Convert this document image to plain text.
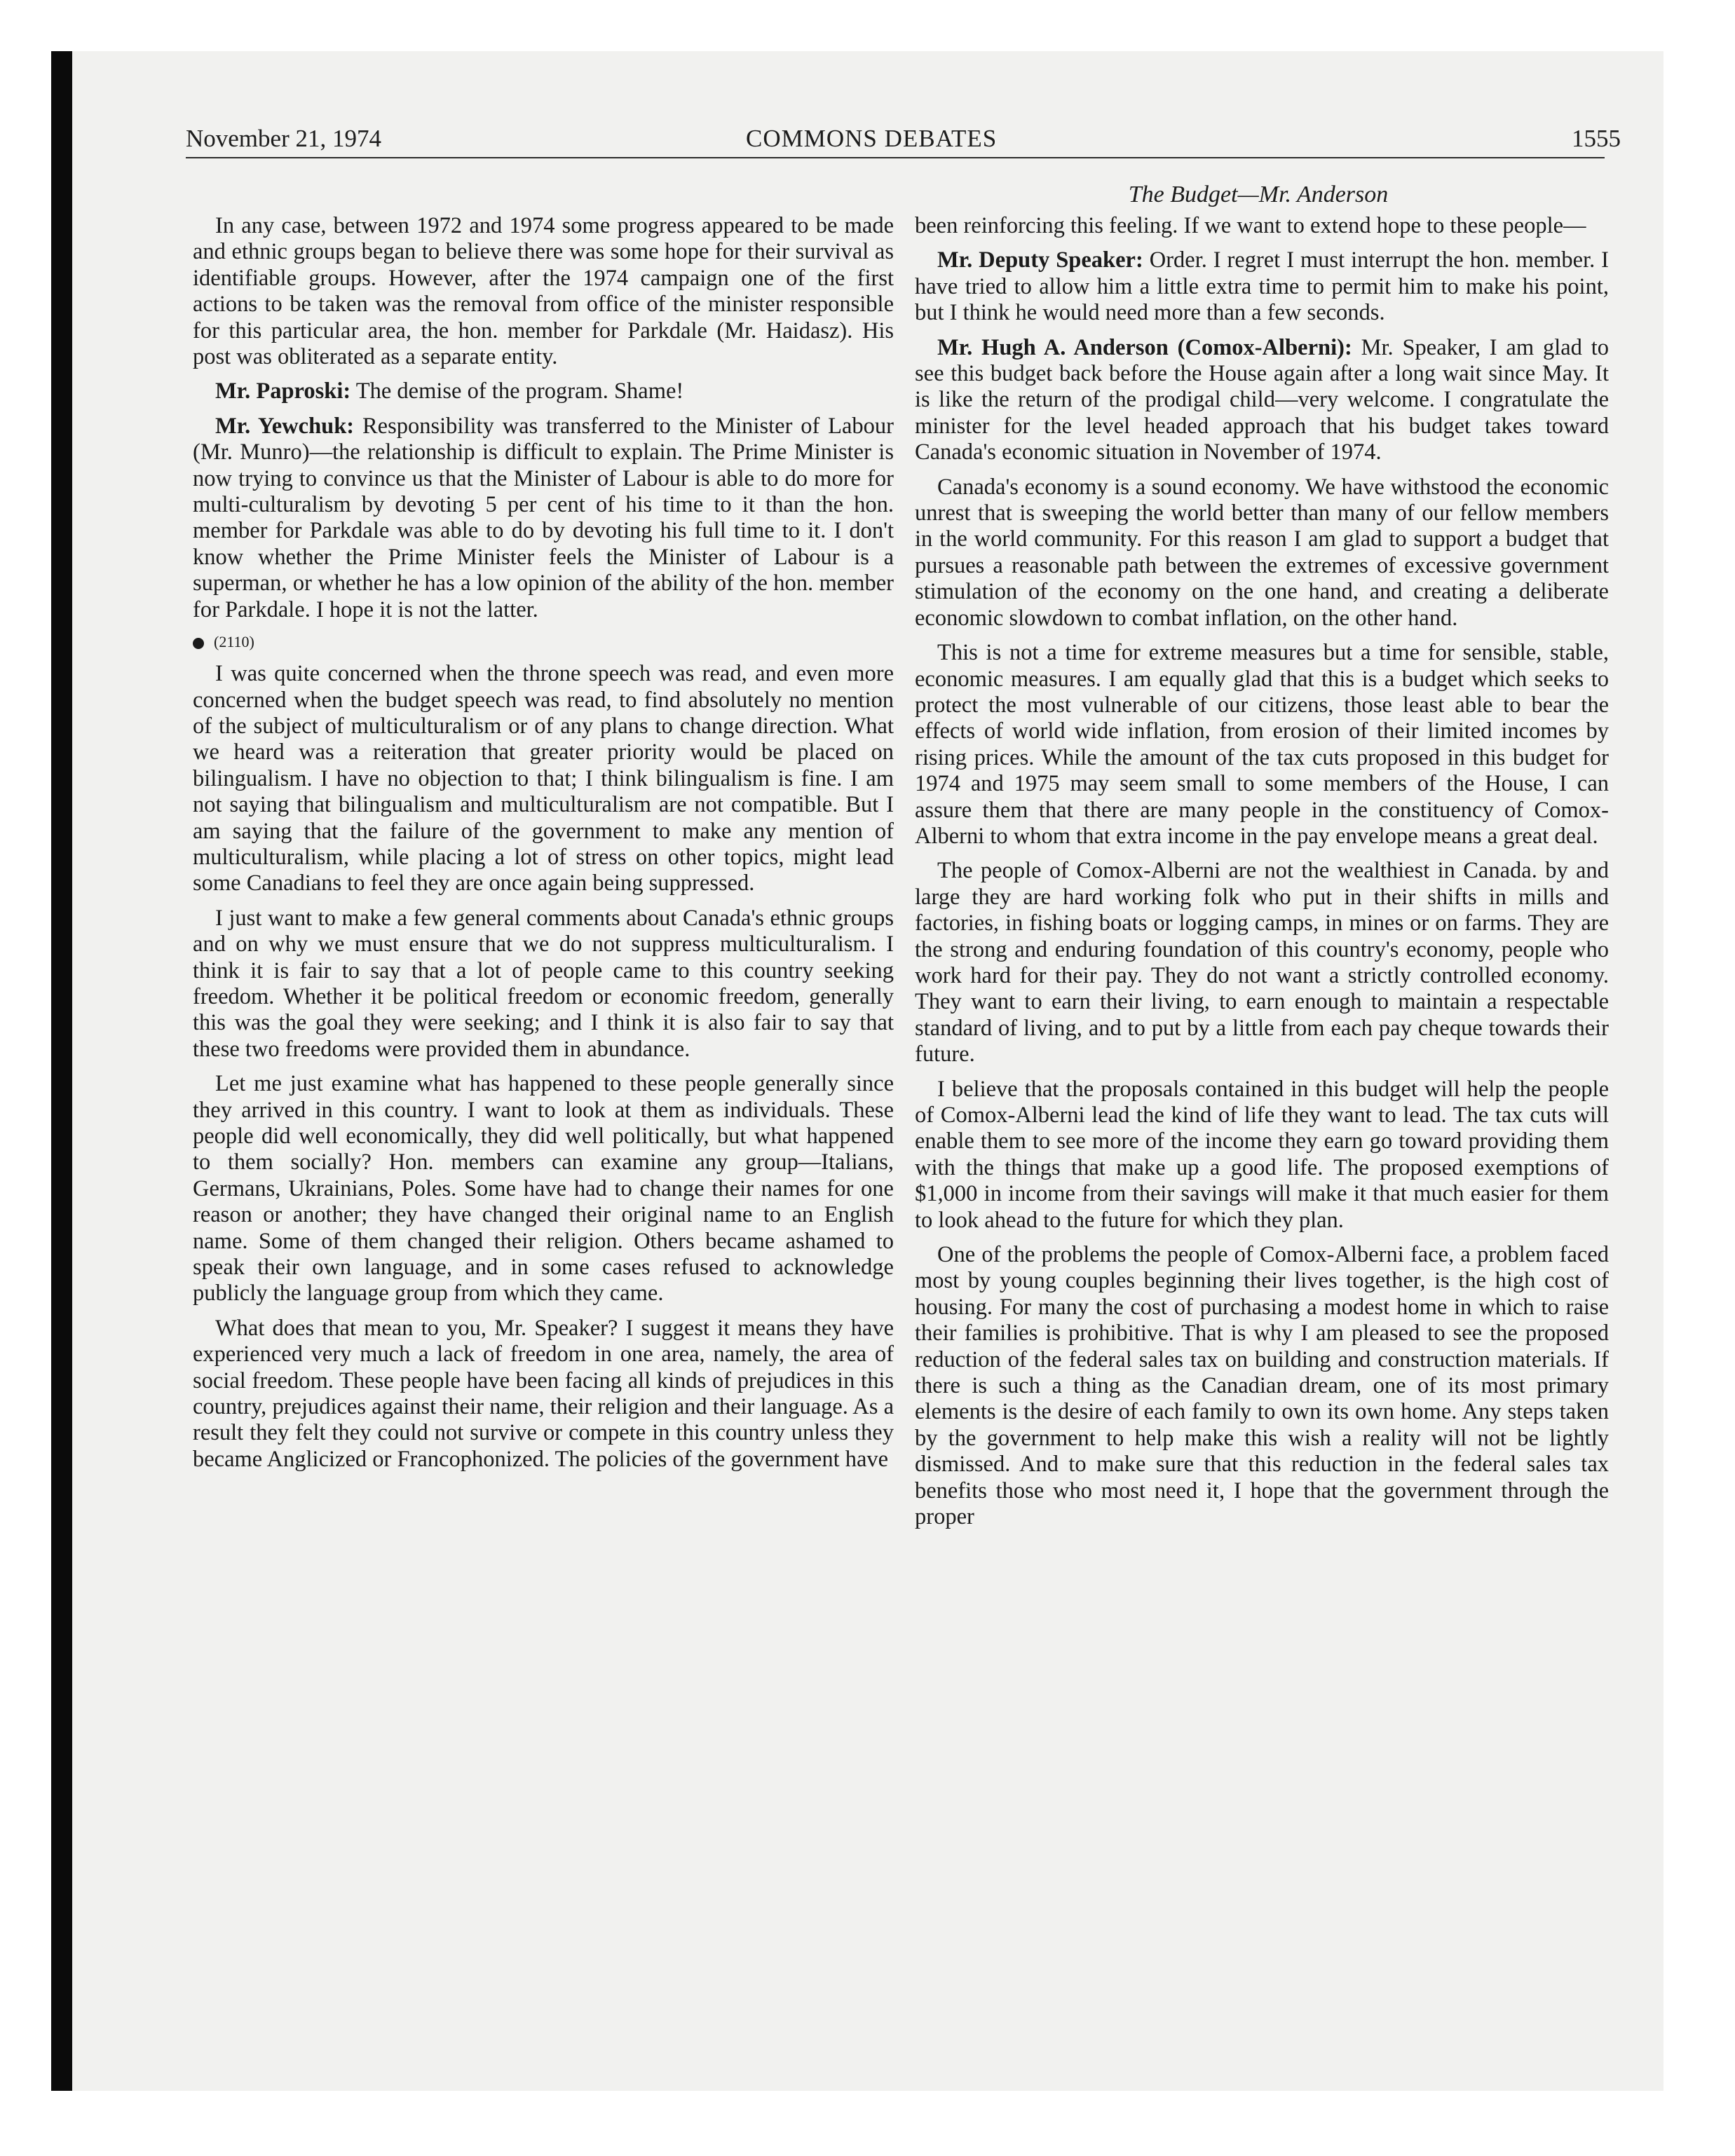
November 21, 1974	COMMONS DEBATES	1555
The Budget—Mr. Anderson

In any case, between 1972 and 1974 some progress appeared to be made and ethnic groups began to believe there was some hope for their survival as identifiable groups. However, after the 1974 campaign one of the first actions to be taken was the removal from office of the minister responsible for this particular area, the hon. member for Parkdale (Mr. Haidasz). His post was obliterated as a separate entity.

Mr. Paproski: The demise of the program. Shame!

Mr. Yewchuk: Responsibility was transferred to the Minister of Labour (Mr. Munro)—the relationship is difficult to explain. The Prime Minister is now trying to convince us that the Minister of Labour is able to do more for multi-culturalism by devoting 5 per cent of his time to it than the hon. member for Parkdale was able to do by devoting his full time to it. I don't know whether the Prime Minister feels the Minister of Labour is a superman, or whether he has a low opinion of the ability of the hon. member for Parkdale. I hope it is not the latter.

(2110)

I was quite concerned when the throne speech was read, and even more concerned when the budget speech was read, to find absolutely no mention of the subject of multiculturalism or of any plans to change direction. What we heard was a reiteration that greater priority would be placed on bilingualism. I have no objection to that; I think bilingualism is fine. I am not saying that bilingualism and multiculturalism are not compatible. But I am saying that the failure of the government to make any mention of multiculturalism, while placing a lot of stress on other topics, might lead some Canadians to feel they are once again being suppressed.

I just want to make a few general comments about Canada's ethnic groups and on why we must ensure that we do not suppress multiculturalism. I think it is fair to say that a lot of people came to this country seeking freedom. Whether it be political freedom or economic freedom, generally this was the goal they were seeking; and I think it is also fair to say that these two freedoms were provided them in abundance.

Let me just examine what has happened to these people generally since they arrived in this country. I want to look at them as individuals. These people did well economically, they did well politically, but what happened to them socially? Hon. members can examine any group—Italians, Germans, Ukrainians, Poles. Some have had to change their names for one reason or another; they have changed their original name to an English name. Some of them changed their religion. Others became ashamed to speak their own language, and in some cases refused to acknowledge publicly the language group from which they came.

What does that mean to you, Mr. Speaker? I suggest it means they have experienced very much a lack of freedom in one area, namely, the area of social freedom. These people have been facing all kinds of prejudices in this country, prejudices against their name, their religion and their language. As a result they felt they could not survive or compete in this country unless they became Anglicized or Francophonized. The policies of the government have

been reinforcing this feeling. If we want to extend hope to these people—

Mr. Deputy Speaker: Order. I regret I must interrupt the hon. member. I have tried to allow him a little extra time to permit him to make his point, but I think he would need more than a few seconds.

Mr. Hugh A. Anderson (Comox-Alberni): Mr. Speaker, I am glad to see this budget back before the House again after a long wait since May. It is like the return of the prodigal child—very welcome. I congratulate the minister for the level headed approach that his budget takes toward Canada's economic situation in November of 1974.

Canada's economy is a sound economy. We have withstood the economic unrest that is sweeping the world better than many of our fellow members in the world community. For this reason I am glad to support a budget that pursues a reasonable path between the extremes of excessive government stimulation of the economy on the one hand, and creating a deliberate economic slowdown to combat inflation, on the other hand.

This is not a time for extreme measures but a time for sensible, stable, economic measures. I am equally glad that this is a budget which seeks to protect the most vulnerable of our citizens, those least able to bear the effects of world wide inflation, from erosion of their limited incomes by rising prices. While the amount of the tax cuts proposed in this budget for 1974 and 1975 may seem small to some members of the House, I can assure them that there are many people in the constituency of Comox-Alberni to whom that extra income in the pay envelope means a great deal.

The people of Comox-Alberni are not the wealthiest in Canada. by and large they are hard working folk who put in their shifts in mills and factories, in fishing boats or logging camps, in mines or on farms. They are the strong and enduring foundation of this country's economy, people who work hard for their pay. They do not want a strictly controlled economy. They want to earn their living, to earn enough to maintain a respectable standard of living, and to put by a little from each pay cheque towards their future.

I believe that the proposals contained in this budget will help the people of Comox-Alberni lead the kind of life they want to lead. The tax cuts will enable them to see more of the income they earn go toward providing them with the things that make up a good life. The proposed exemptions of $1,000 in income from their savings will make it that much easier for them to look ahead to the future for which they plan.

One of the problems the people of Comox-Alberni face, a problem faced most by young couples beginning their lives together, is the high cost of housing. For many the cost of purchasing a modest home in which to raise their families is prohibitive. That is why I am pleased to see the proposed reduction of the federal sales tax on building and construction materials. If there is such a thing as the Canadian dream, one of its most primary elements is the desire of each family to own its own home. Any steps taken by the government to help make this wish a reality will not be lightly dismissed. And to make sure that this reduction in the federal sales tax benefits those who most need it, I hope that the government through the proper
